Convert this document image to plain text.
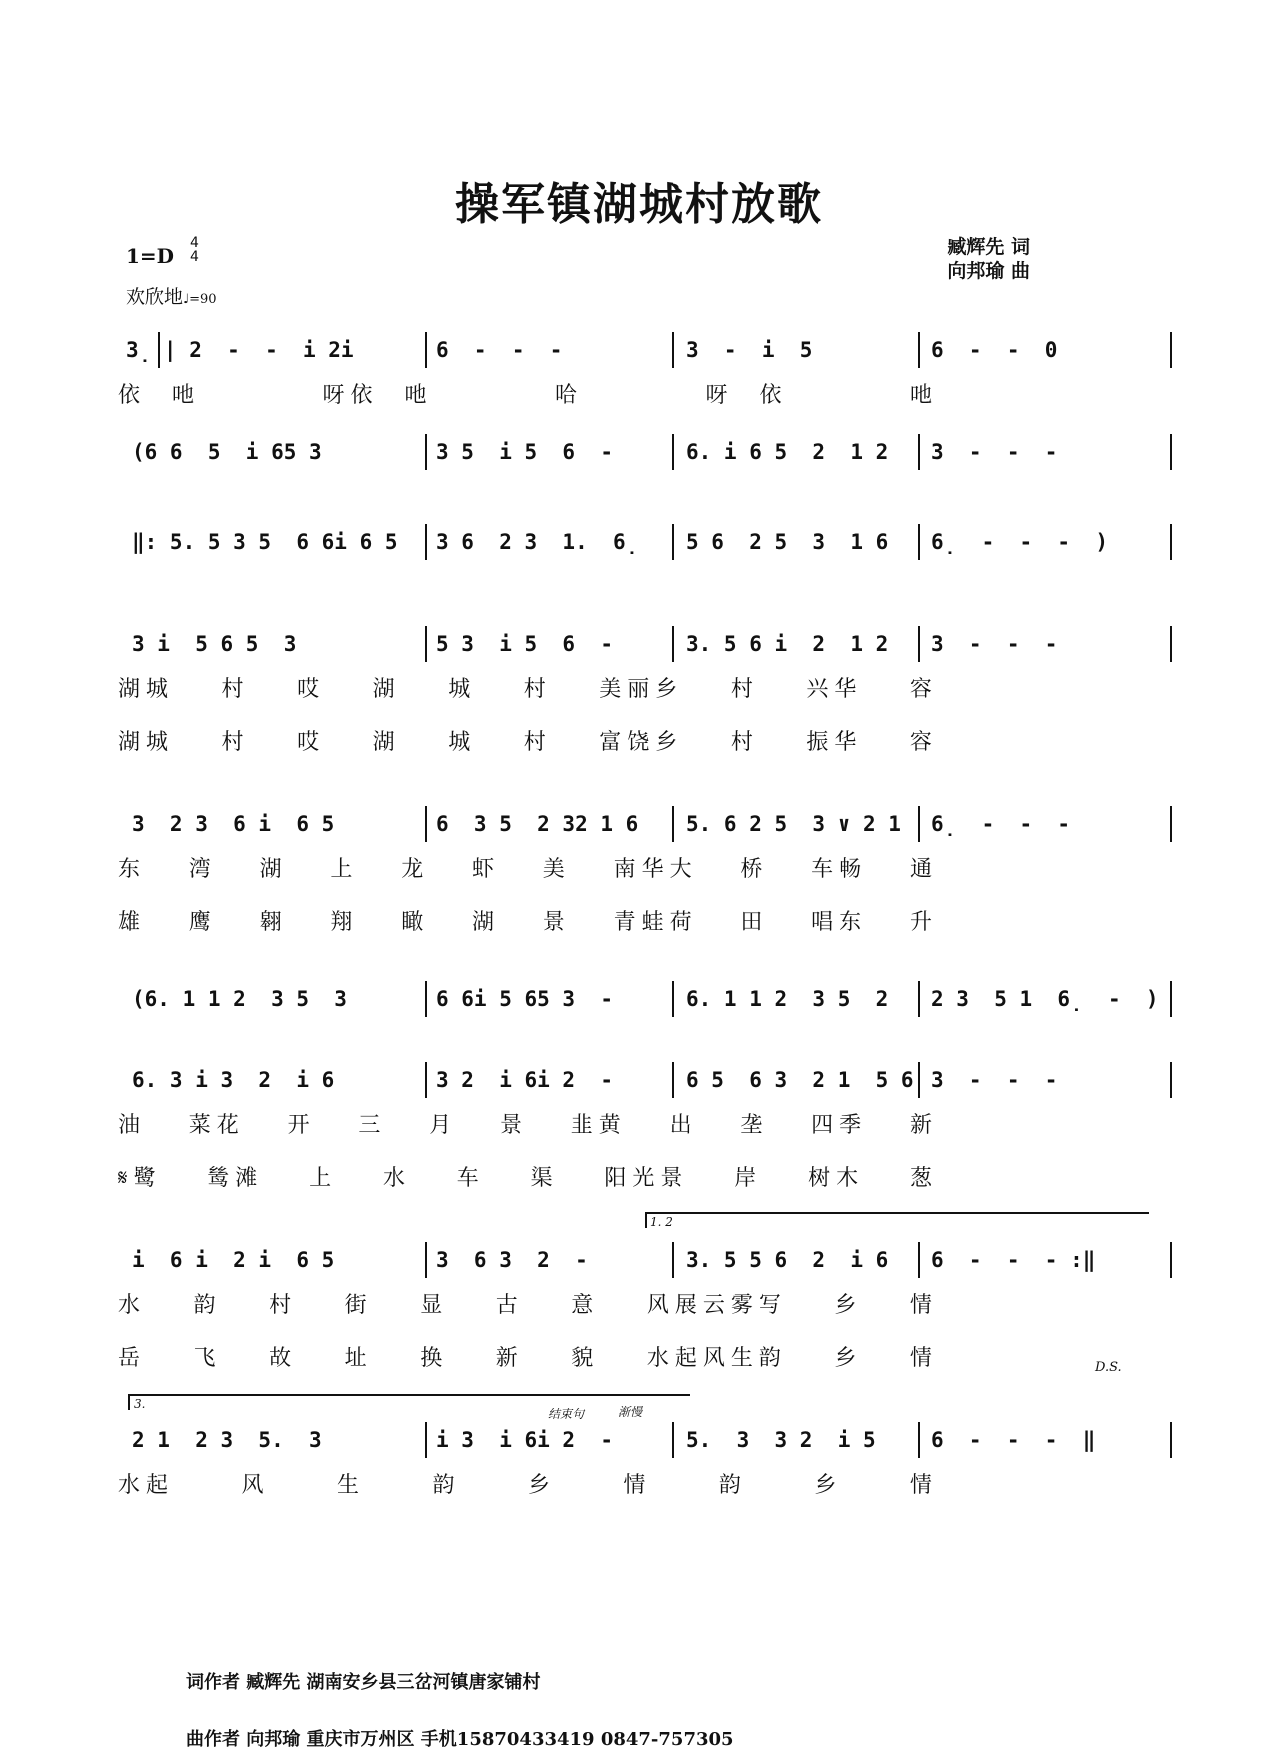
操军镇湖城村放歌
臧辉先 词
向邦瑜 曲
1=D
4
4
欢欣地♩=90
3̣ | 2  -  -  i 2i	6  -  -  -	3  -  i  5	6  -  -  0
依  吔	呀依  吔	哈	呀  依	吔
(6 6  5  i 65 3	3 5  i 5  6  -	6. i 6 5  2  1 2 3  -  -  -
‖: 5. 5 3 5  6 6i 6 5 3 6  2 3  1.  6̣ 5 6  2 5  3  1 6 6̣  -  -  -  )
3 i  5 6 5  3	5 3  i 5  6  -	3. 5 6 i  2  1 2 3  -  -  -
湖城 村 哎 湖 城 村 美丽乡 村 兴华 容
湖城 村 哎 湖 城 村 富饶乡 村 振华 容
3  2 3  6 i  6 5	6  3 5  2 32 1 6 5. 6 2 5  3 ∨ 2 1 6̣  -  -  -
东 湾 湖 上 龙 虾 美 南华大 桥 车畅 通
雄 鹰 翱 翔 瞰 湖 景 青蛙荷 田 唱东 升
(6. 1 1 2  3 5  3	6 6i 5 65 3  -	6. 1 1 2  3 5  2 2 3  5 1  6̣  -  )
6. 3 i 3  2  i 6	3 2  i 6i 2  -	6 5  6 3  2 1  5 6 3  -  -  -
油 菜花 开 三 月 景 韭黄 出 垄 四季 新
𝄋鹭 鸶滩 上 水 车 渠 阳光景 岸 树木 葱
i  6 i  2 i  6 5	3  6 3  2  -	3. 5 5 6  2  i 6 6  -  -  - :‖
水 韵 村 街 显 古 意 风展云雾写 乡 情
岳 飞 故 址 换 新 貌 水起风生韵 乡 情
2 1  2 3  5.  3	i 3  i 6i 2  -	5.  3  3 2  i 5	6  -  -  -  ‖
水起	风	生	韵	乡	情	韵	乡	情
1. 2
3.
结束句	渐慢
D.S.
词作者 臧辉先 湖南安乡县三岔河镇唐家铺村
曲作者 向邦瑜 重庆市万州区 手机15870433419 0847-757305
